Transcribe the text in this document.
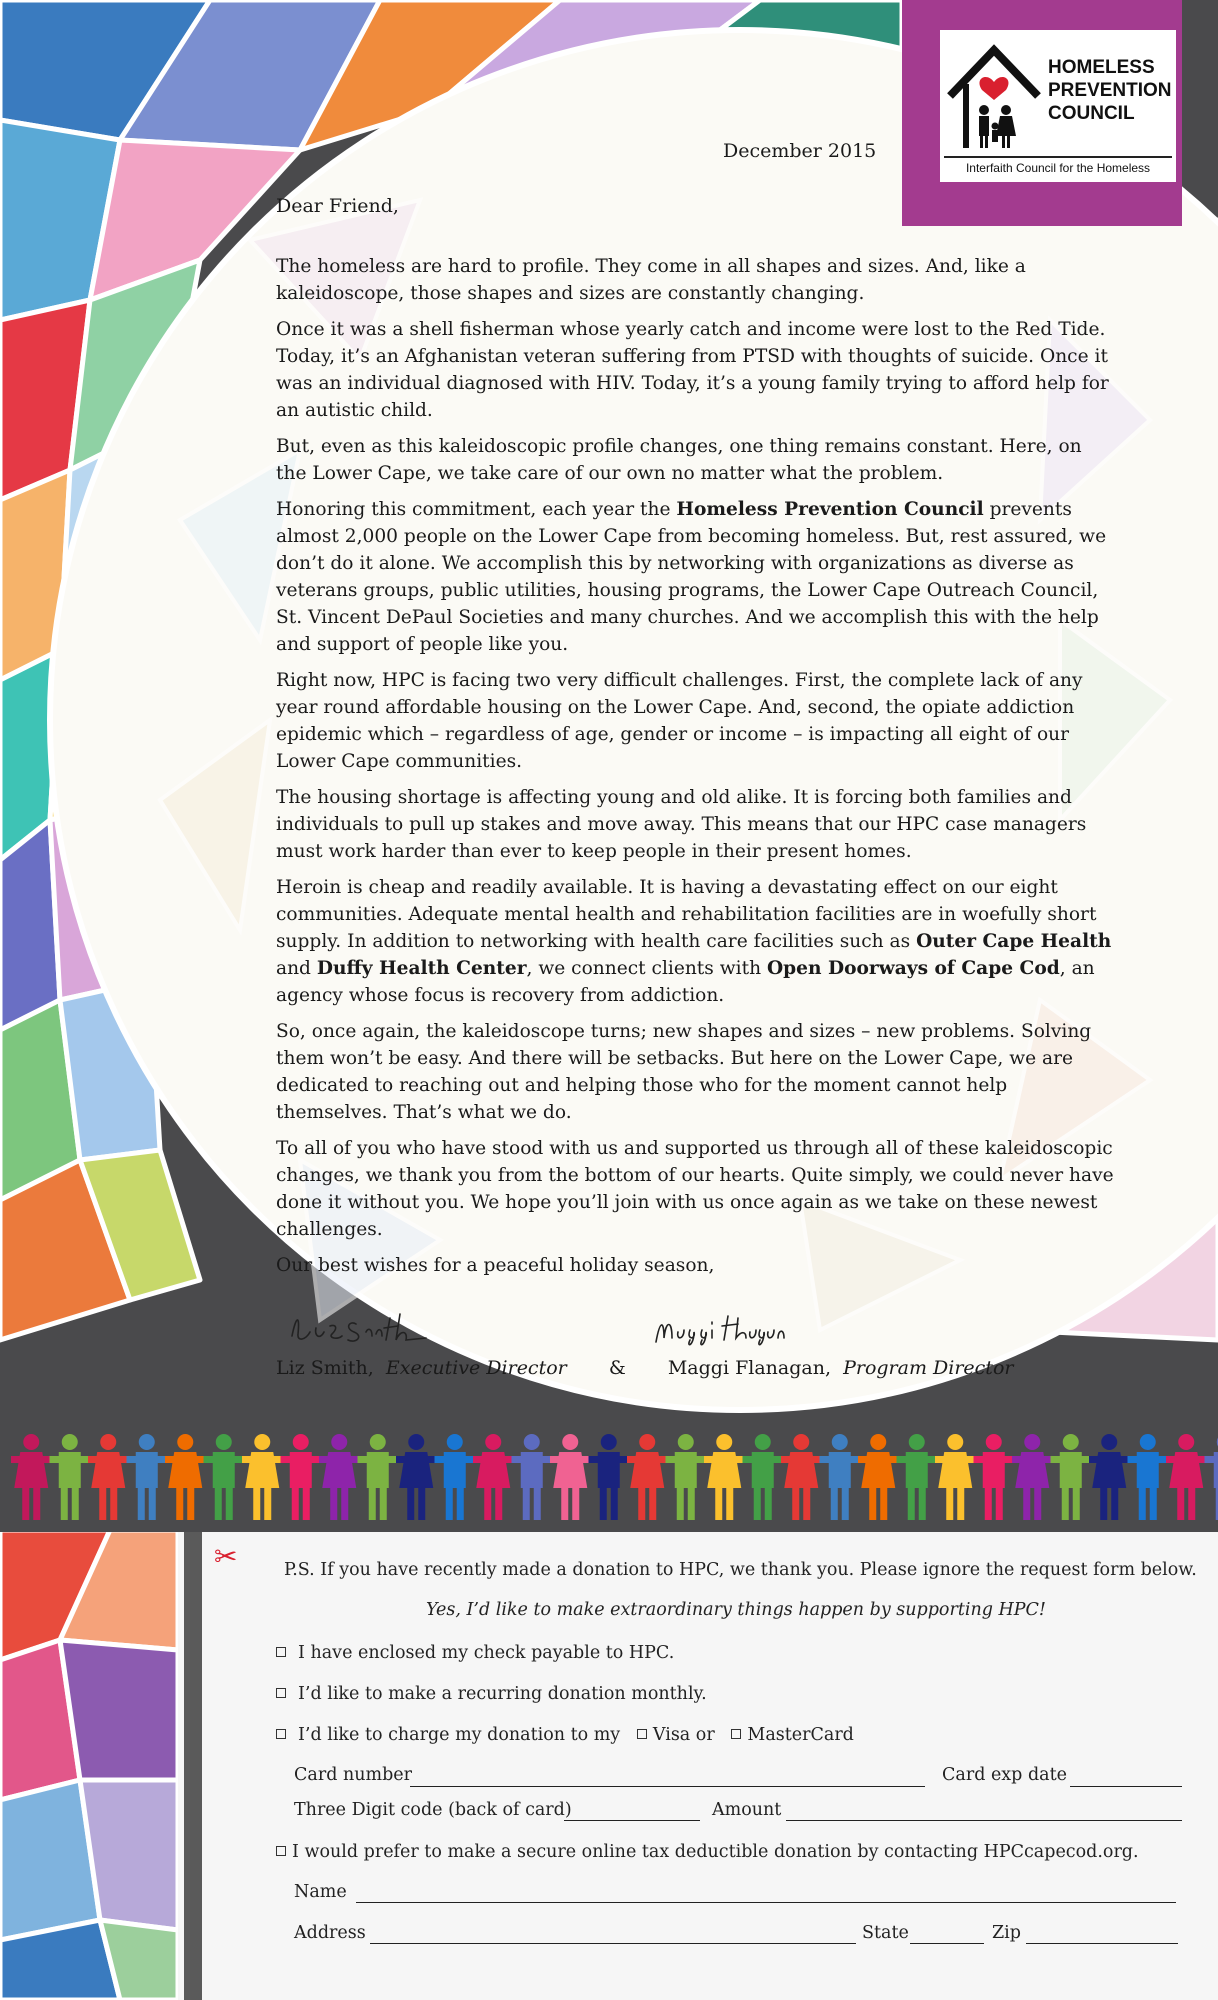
HOMELESS
PREVENTION
COUNCIL
Interfaith Council for the Homeless
December 2015
Dear Friend,

The homeless are hard to profile. They come in all shapes and sizes. And, like a kaleidoscope, those shapes and sizes are constantly changing.

Once it was a shell fisherman whose yearly catch and income were lost to the Red Tide. Today, it’s an Afghanistan veteran suffering from PTSD with thoughts of suicide. Once it was an individual diagnosed with HIV. Today, it’s a young family trying to afford help for an autistic child.

But, even as this kaleidoscopic profile changes, one thing remains constant. Here, on the Lower Cape, we take care of our own no matter what the problem.

Honoring this commitment, each year the Homeless Prevention Council prevents almost 2,000 people on the Lower Cape from becoming homeless. But, rest assured, we don’t do it alone. We accomplish this by networking with organizations as diverse as veterans groups, public utilities, housing programs, the Lower Cape Outreach Council, St. Vincent DePaul Societies and many churches. And we accomplish this with the help and support of people like you.

Right now, HPC is facing two very difficult challenges. First, the complete lack of any year round affordable housing on the Lower Cape. And, second, the opiate addiction epidemic which – regardless of age, gender or income – is impacting all eight of our Lower Cape communities.

The housing shortage is affecting young and old alike. It is forcing both families and individuals to pull up stakes and move away. This means that our HPC case managers must work harder than ever to keep people in their present homes.

Heroin is cheap and readily available. It is having a devastating effect on our eight communities. Adequate mental health and rehabilitation facilities are in woefully short supply. In addition to networking with health care facilities such as Outer Cape Health and Duffy Health Center, we connect clients with Open Doorways of Cape Cod, an agency whose focus is recovery from addiction.

So, once again, the kaleidoscope turns; new shapes and sizes – new problems. Solving them won’t be easy. And there will be setbacks. But here on the Lower Cape, we are dedicated to reaching out and helping those who for the moment cannot help themselves. That’s what we do.

To all of you who have stood with us and supported us through all of these kaleidoscopic changes, we thank you from the bottom of our hearts. Quite simply, we could never have done it without you. We hope you’ll join with us once again as we take on these newest challenges.

Our best wishes for a peaceful holiday season,

Liz Smith, Executive Director & Maggi Flanagan, Program Director
✂	P.S. If you have recently made a donation to HPC, we thank you. Please ignore the request form below.
Yes, I’d like to make extraordinary things happen by supporting HPC!
I have enclosed my check payable to HPC.
I’d like to make a recurring donation monthly.
I’d like to charge my donation to my Visa or MasterCard
Card number	Card exp date
Three Digit code (back of card)	Amount
I would prefer to make a secure online tax deductible donation by contacting HPCcapecod.org.
Name
Address	State	Zip
